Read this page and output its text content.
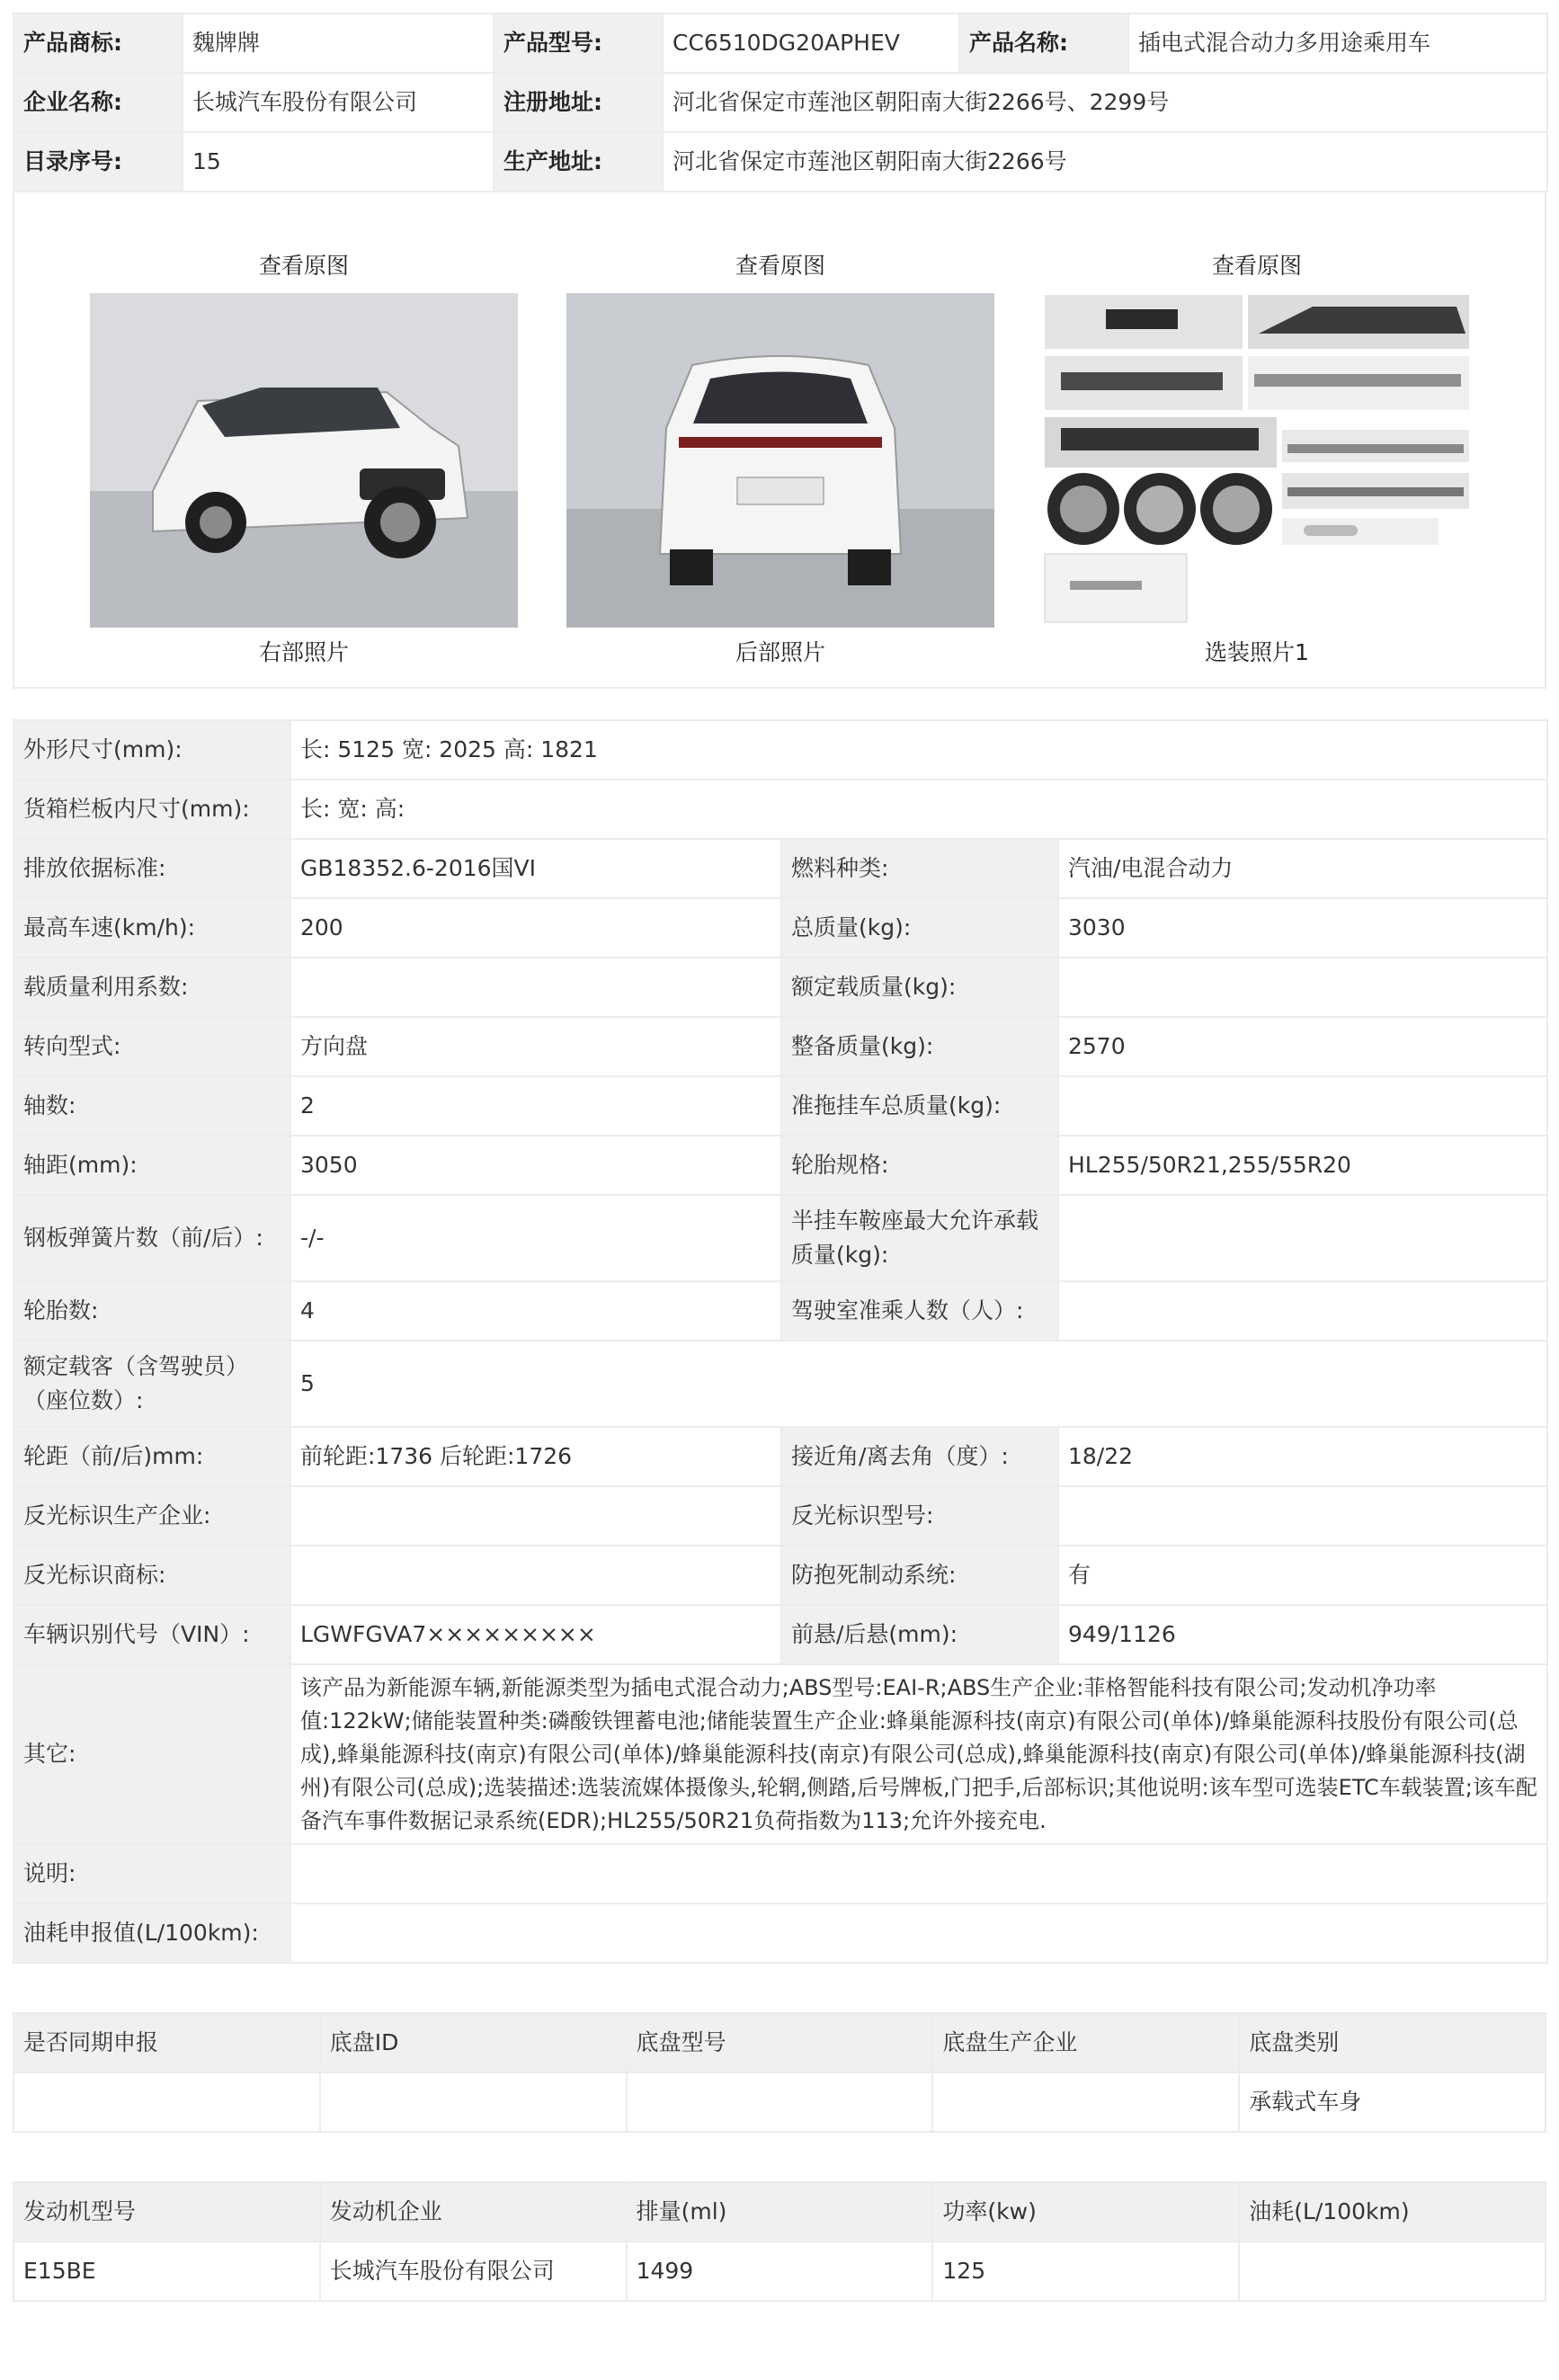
产品商标:	魏牌牌	产品型号:	CC6510DG20APHEV	产品名称:	插电式混合动力多用途乘用车
企业名称:	长城汽车股份有限公司	注册地址:	河北省保定市莲池区朝阳南大街2266号、2299号		
目录序号:	15	生产地址:	河北省保定市莲池区朝阳南大街2266号		
查看原图
右部照片
查看原图
后部照片
查看原图
选装照片1
外形尺寸(mm):	长: 5125 宽: 2025 高: 1821		
货箱栏板内尺寸(mm):	长: 宽: 高:		
排放依据标准:	GB18352.6-2016国VI	燃料种类:	汽油/电混合动力
最高车速(km/h):	200	总质量(kg):	3030
载质量利用系数:		额定载质量(kg):	
转向型式:	方向盘	整备质量(kg):	2570
轴数:	2	准拖挂车总质量(kg):	
轴距(mm):	3050	轮胎规格:	HL255/50R21,255/55R20
钢板弹簧片数（前/后）:	-/-	半挂车鞍座最大允许承载质量(kg):	
轮胎数:	4	驾驶室准乘人数（人）:	
额定载客（含驾驶员）（座位数）:	5		
轮距（前/后)mm:	前轮距:1736 后轮距:1726	接近角/离去角（度）:	18/22
反光标识生产企业:		反光标识型号:	
反光标识商标:		防抱死制动系统:	有
车辆识别代号（VIN）:	LGWFGVA7×××××××××	前悬/后悬(mm):	949/1126
其它:	该产品为新能源车辆,新能源类型为插电式混合动力;ABS型号:EAI-R;ABS生产企业:菲格智能科技有限公司;发动机净功率值:122kW;储能装置种类:磷酸铁锂蓄电池;储能装置生产企业:蜂巢能源科技(南京)有限公司(单体)/蜂巢能源科技股份有限公司(总成),蜂巢能源科技(南京)有限公司(单体)/蜂巢能源科技(南京)有限公司(总成),蜂巢能源科技(南京)有限公司(单体)/蜂巢能源科技(湖州)有限公司(总成);选装描述:选装流媒体摄像头,轮辋,侧踏,后号牌板,门把手,后部标识;其他说明:该车型可选装ETC车载装置;该车配备汽车事件数据记录系统(EDR);HL255/50R21负荷指数为113;允许外接充电.		
说明:			
油耗申报值(L/100km):			
是否同期申报	底盘ID	底盘型号	底盘生产企业	底盘类别
				承载式车身
发动机型号	发动机企业	排量(ml)	功率(kw)	油耗(L/100km)
E15BE	长城汽车股份有限公司	1499	125	
